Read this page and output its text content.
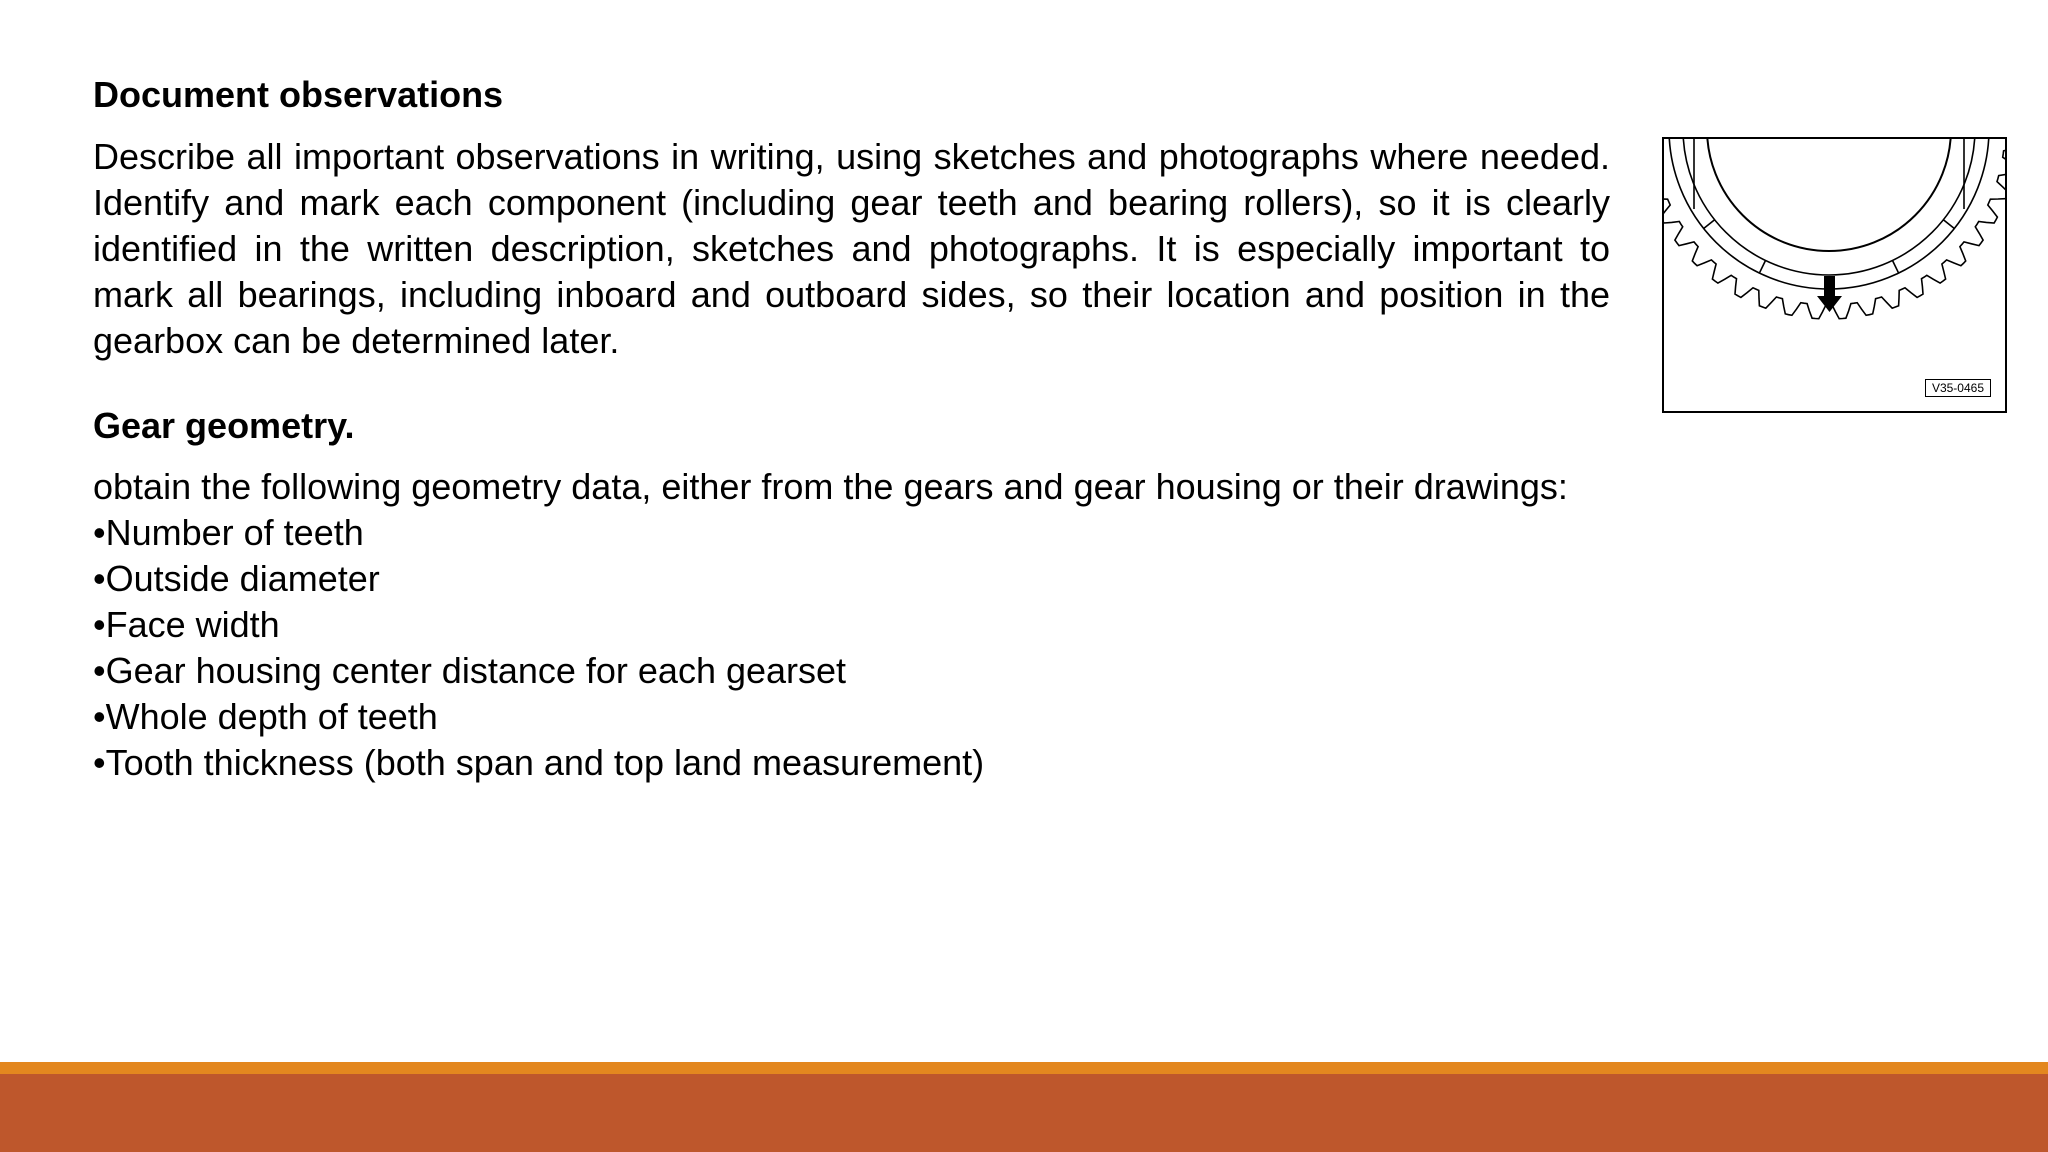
Document observations

Describe all important observations in writing, using sketches and photographs where needed. Identify and mark each component (including gear teeth and bearing rollers), so it is clearly identified in the written description, sketches and photographs. It is especially important to mark all bearings, including inboard and outboard sides, so their location and position in the gearbox can be determined later.

V35-0465
Gear geometry.

obtain the following geometry data, either from the gears and gear housing or their drawings:

•Number of teeth
•Outside diameter
•Face width
•Gear housing center distance for each gearset
•Whole depth of teeth
•Tooth thickness (both span and top land measurement)
